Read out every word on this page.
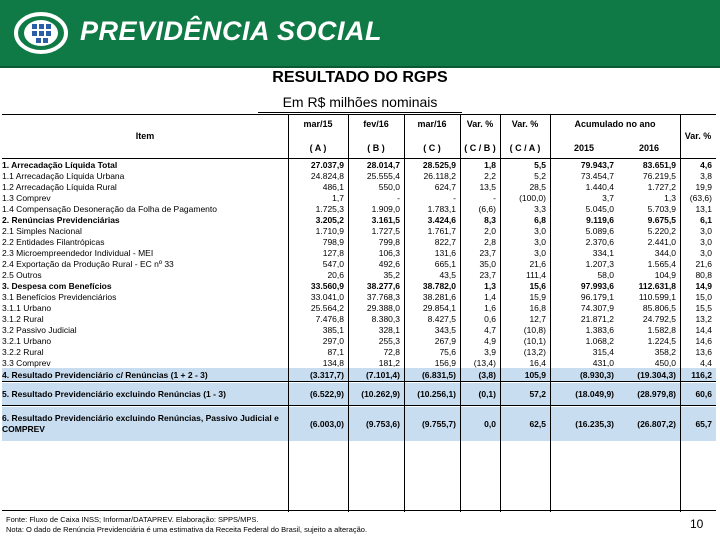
PREVIDÊNCIA SOCIAL
RESULTADO DO RGPS
Em R$ milhões nominais
mar/15	fev/16	mar/16	Var. %	Var. %	Acumulado no ano
Item	Var. %
( A )	( B )	( C )	( C / B )	( C / A )	2015	2016
1. Arrecadação Líquida Total	27.037,9	28.014,7	28.525,9	1,8	5,5	79.943,7	83.651,9	4,6
1.1 Arrecadação Líquida Urbana	24.824,8	25.555,4	26.118,2	2,2	5,2	73.454,7	76.219,5	3,8
1.2 Arrecadação Líquida Rural	486,1	550,0	624,7	13,5	28,5	1.440,4	1.727,2	19,9
1.3 Comprev	1,7	-	-	-	(100,0)	3,7	1,3	(63,6)
1.4 Compensação Desoneração da Folha de Pagamento	1.725,3	1.909,0	1.783,1	(6,6)	3,3	5.045,0	5.703,9	13,1
2. Renúncias Previdenciárias	3.205,2	3.161,5	3.424,6	8,3	6,8	9.119,6	9.675,5	6,1
2.1 Simples Nacional	1.710,9	1.727,5	1.761,7	2,0	3,0	5.089,6	5.220,2	3,0
2.2 Entidades Filantrópicas	798,9	799,8	822,7	2,8	3,0	2.370,6	2.441,0	3,0
2.3 Microempreendedor Individual - MEI	127,8	106,3	131,6	23,7	3,0	334,1	344,0	3,0
2.4 Exportação da Produção Rural - EC nº 33	547,0	492,6	665,1	35,0	21,6	1.207,3	1.565,4	21,6
2.5 Outros	20,6	35,2	43,5	23,7	111,4	58,0	104,9	80,8
3. Despesa com Benefícios	33.560,9	38.277,6	38.782,0	1,3	15,6	97.993,6	112.631,8	14,9
3.1 Benefícios Previdenciários	33.041,0	37.768,3	38.281,6	1,4	15,9	96.179,1	110.599,1	15,0
3.1.1 Urbano	25.564,2	29.388,0	29.854,1	1,6	16,8	74.307,9	85.806,5	15,5
3.1.2 Rural	7.476,8	8.380,3	8.427,5	0,6	12,7	21.871,2	24.792,5	13,2
3.2 Passivo Judicial	385,1	328,1	343,5	4,7	(10,8)	1.383,6	1.582,8	14,4
3.2.1 Urbano	297,0	255,3	267,9	4,9	(10,1)	1.068,2	1.224,5	14,6
3.2.2 Rural	87,1	72,8	75,6	3,9	(13,2)	315,4	358,2	13,6
3.3 Comprev	134,8	181,2	156,9	(13,4)	16,4	431,0	450,0	4,4
4. Resultado Previdenciário c/ Renúncias (1 + 2 - 3)	(3.317,7)	(7.101,4)	(6.831,5)	(3,8)	105,9	(8.930,3)	(19.304,3)	116,2
5. Resultado Previdenciário excluindo Renúncias (1 - 3)	(6.522,9)	(10.262,9)	(10.256,1)	(0,1)	57,2	(18.049,9)	(28.979,8)	60,6
6. Resultado Previdenciário excluindo Renúncias, Passivo Judicial e COMPREV	(6.003,0)	(9.753,6)	(9.755,7)	0,0	62,5	(16.235,3)	(26.807,2)	65,7
Fonte: Fluxo de Caixa INSS; Informar/DATAPREV. Elaboração: SPPS/MPS.
Nota: O dado de Renúncia Previdenciária é uma estimativa da Receita Federal do Brasil, sujeito a alteração.	10
